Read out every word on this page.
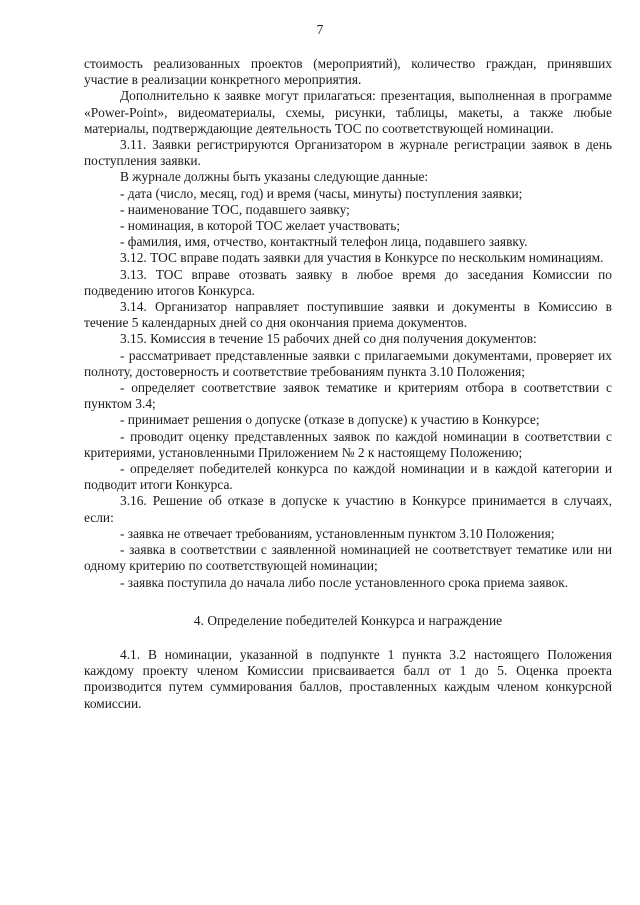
7

стоимость реализованных проектов (мероприятий), количество граждан, принявших участие в реализации конкретного мероприятия.

Дополнительно к заявке могут прилагаться: презентация, выполненная в программе «Power-Point», видеоматериалы, схемы, рисунки, таблицы, макеты, а также любые материалы, подтверждающие деятельность ТОС по соответствующей номинации.

3.11. Заявки регистрируются Организатором в журнале регистрации заявок в день поступления заявки.

В журнале должны быть указаны следующие данные:

- дата (число, месяц, год) и время (часы, минуты) поступления заявки;

- наименование ТОС, подавшего заявку;

- номинация, в которой ТОС желает участвовать;

- фамилия, имя, отчество, контактный телефон лица, подавшего заявку.

3.12. ТОС вправе подать заявки для участия в Конкурсе по нескольким номинациям.

3.13. ТОС вправе отозвать заявку в любое время до заседания Комиссии по подведению итогов Конкурса.

3.14. Организатор направляет поступившие заявки и документы в Комиссию в течение 5 календарных дней со дня окончания приема документов.

3.15. Комиссия в течение 15 рабочих дней со дня получения документов:

- рассматривает представленные заявки с прилагаемыми документами, проверяет их полноту, достоверность и соответствие требованиям пункта 3.10 Положения;

- определяет соответствие заявок тематике и критериям отбора в соответствии с пунктом 3.4;

- принимает решения о допуске (отказе в допуске) к участию в Конкурсе;

- проводит оценку представленных заявок по каждой номинации в соответствии с критериями, установленными Приложением № 2 к настоящему Положению;

- определяет победителей конкурса по каждой номинации и в каждой категории и подводит итоги Конкурса.

3.16. Решение об отказе в допуске к участию в Конкурсе принимается в случаях, если:

- заявка не отвечает требованиям, установленным пунктом 3.10 Положения;

- заявка в соответствии с заявленной номинацией не соответствует тематике или ни одному критерию по соответствующей номинации;

- заявка поступила до начала либо после установленного срока приема заявок.

4. Определение победителей Конкурса и награждение

4.1. В номинации, указанной в подпункте 1 пункта 3.2 настоящего Положения каждому проекту членом Комиссии присваивается балл от 1 до 5. Оценка проекта производится путем суммирования баллов, проставленных каждым членом конкурсной комиссии.
